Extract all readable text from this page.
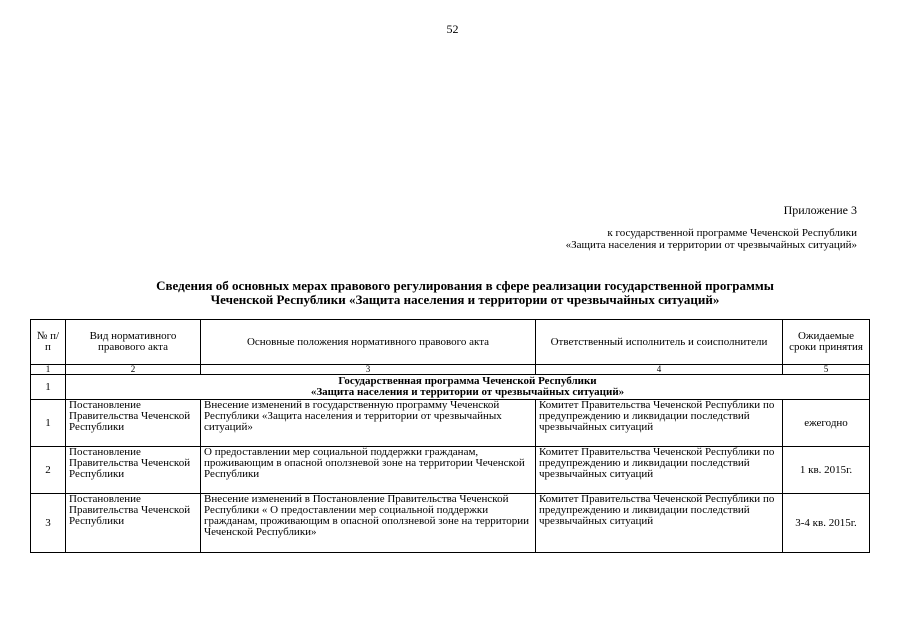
52
Приложение 3
к государственной программе Чеченской Республики
«Защита населения и территории от чрезвычайных ситуаций»
Сведения об основных мерах правового регулирования в сфере реализации государственной программы
Чеченской Республики «Защита населения и территории от чрезвычайных ситуаций»
№ п/п	Вид нормативного правового акта	Основные положения нормативного правового акта	Ответственный исполнитель и соисполнители	Ожидаемые сроки принятия
1	2	3	4	5
1	Государственная программа Чеченской Республики
«Защита населения и территории от чрезвычайных ситуаций»			

1	Постановление Правительства Чеченской Республики	Внесение изменений в государственную программу Чеченской Республики «Защита населения и территории от чрезвычайных ситуаций»	Комитет Правительства Чеченской Республики по предупреждению и ликвидации последствий чрезвычайных ситуаций	ежегодно
2	Постановление Правительства Чеченской Республики	О предоставлении мер социальной поддержки гражданам, проживающим в опасной оползневой зоне на территории Чеченской Республики	Комитет Правительства Чеченской Республики по предупреждению и ликвидации последствий чрезвычайных ситуаций	1 кв. 2015г.
3	Постановление Правительства Чеченской Республики	Внесение изменений в Постановление Правительства Чеченской Республики « О предоставлении мер социальной поддержки гражданам, проживающим в опасной оползневой зоне на территории Чеченской Республики»	Комитет Правительства Чеченской Республики по предупреждению и ликвидации последствий чрезвычайных ситуаций	3-4 кв. 2015г.
